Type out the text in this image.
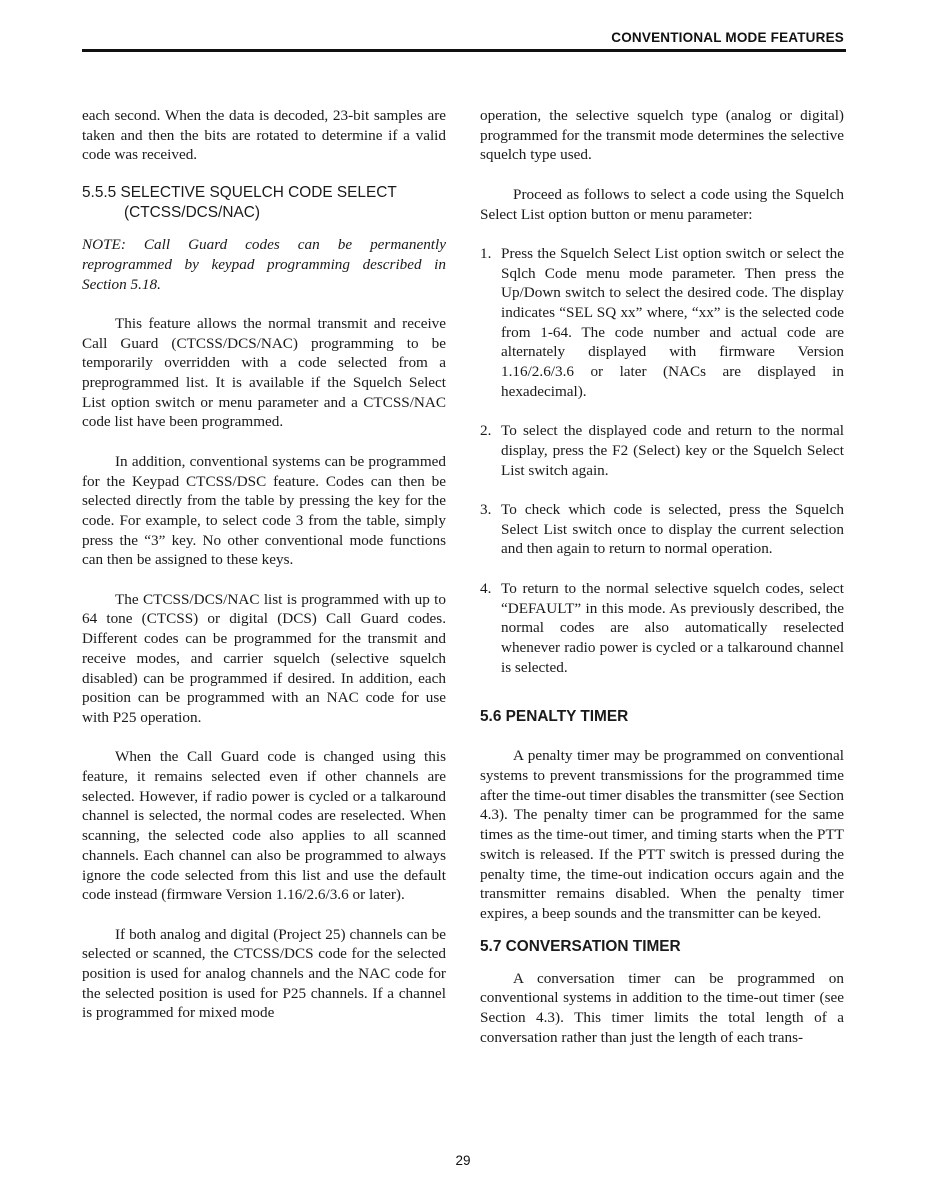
CONVENTIONAL MODE FEATURES

each second. When the data is decoded, 23-bit samples are taken and then the bits are rotated to determine if a valid code was received.

5.5.5 SELECTIVE SQUELCH CODE SELECT
(CTCSS/DCS/NAC)

NOTE: Call Guard codes can be permanently reprogrammed by keypad programming described in Section 5.18.

This feature allows the normal transmit and receive Call Guard (CTCSS/DCS/NAC) programming to be temporarily overridden with a code selected from a preprogrammed list. It is available if the Squelch Select List option switch or menu parameter and a CTCSS/NAC code list have been programmed.

In addition, conventional systems can be programmed for the Keypad CTCSS/DSC feature. Codes can then be selected directly from the table by pressing the key for the code. For example, to select code 3 from the table, simply press the “3” key. No other conventional mode functions can then be assigned to these keys.

The CTCSS/DCS/NAC list is programmed with up to 64 tone (CTCSS) or digital (DCS) Call Guard codes. Different codes can be programmed for the transmit and receive modes, and carrier squelch (selective squelch disabled) can be programmed if desired. In addition, each position can be programmed with an NAC code for use with P25 operation.

When the Call Guard code is changed using this feature, it remains selected even if other channels are selected. However, if radio power is cycled or a talkaround channel is selected, the normal codes are reselected. When scanning, the selected code also applies to all scanned channels. Each channel can also be programmed to always ignore the code selected from this list and use the default code instead (firmware Version 1.16/2.6/3.6 or later).

If both analog and digital (Project 25) channels can be selected or scanned, the CTCSS/DCS code for the selected position is used for analog channels and the NAC code for the selected position is used for P25 channels. If a channel is programmed for mixed mode

operation, the selective squelch type (analog or digital) programmed for the transmit mode determines the selective squelch type used.

Proceed as follows to select a code using the Squelch Select List option button or menu parameter:

1. Press the Squelch Select List option switch or select the Sqlch Code menu mode parameter. Then press the Up/Down switch to select the desired code. The display indicates “SEL SQ xx” where, “xx” is the selected code from 1-64. The code number and actual code are alternately displayed with firmware Version 1.16/2.6/3.6 or later (NACs are displayed in hexadecimal).
2. To select the displayed code and return to the normal display, press the F2 (Select) key or the Squelch Select List switch again.
3. To check which code is selected, press the Squelch Select List switch once to display the current selection and then again to return to normal operation.
4. To return to the normal selective squelch codes, select “DEFAULT” in this mode. As previously described, the normal codes are also automatically reselected whenever radio power is cycled or a talkaround channel is selected.
5.6 PENALTY TIMER

A penalty timer may be programmed on conventional systems to prevent transmissions for the programmed time after the time-out timer disables the transmitter (see Section 4.3). The penalty timer can be programmed for the same times as the time-out timer, and timing starts when the PTT switch is released. If the PTT switch is pressed during the penalty time, the time-out indication occurs again and the transmitter remains disabled. When the penalty timer expires, a beep sounds and the transmitter can be keyed.

5.7 CONVERSATION TIMER

A conversation timer can be programmed on conventional systems in addition to the time-out timer (see Section 4.3). This timer limits the total length of a conversation rather than just the length of each trans-

29
